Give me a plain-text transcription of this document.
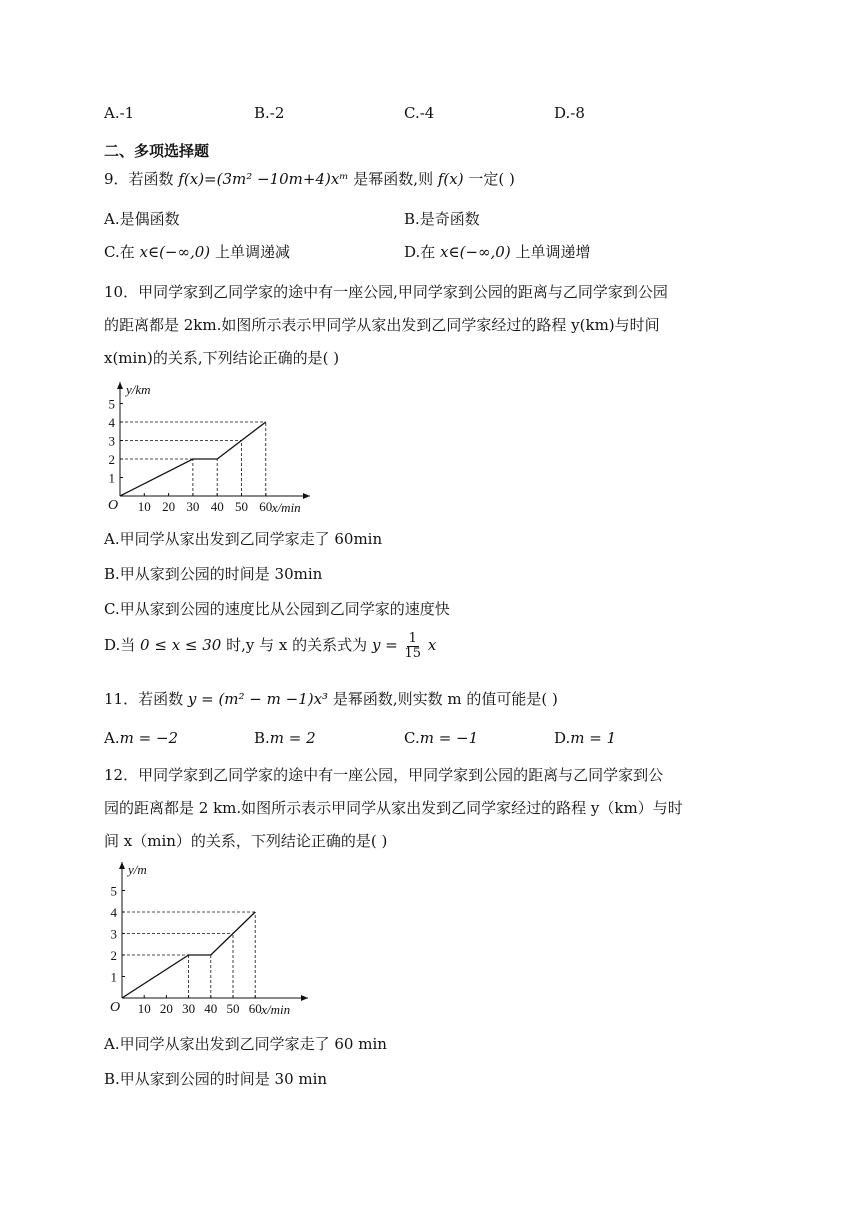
A.-1	B.-2	C.-4	D.-8
二、多项选择题
9．若函数 f(x)=(3m² −10m+4)xᵐ 是幂函数,则 f(x) 一定( )
A.是偶函数	B.是奇函数
C.在 x∈(−∞,0) 上单调递减	D.在 x∈(−∞,0) 上单调递增
10．甲同学家到乙同学家的途中有一座公园,甲同学家到公园的距离与乙同学家到公园
的距离都是 2km.如图所示表示甲同学从家出发到乙同学家经过的路程 y(km)与时间
x(min)的关系,下列结论正确的是( )
10 20 30 40 50 60
1
2
3
4
5
O	x/min
y/km
A.甲同学从家出发到乙同学家走了 60min
B.甲从家到公园的时间是 30min
C.甲从家到公园的速度比从公园到乙同学家的速度快
D.当 0 ≤ x ≤ 30 时,y 与 x 的关系式为 $y = \frac{1}{15}$ x
11．若函数 y = (m² − m −1)x³ 是幂函数,则实数 m 的值可能是( )
A.m = −2	B.m = 2	C.m = −1	D.m = 1
12．甲同学家到乙同学家的途中有一座公园，甲同学家到公园的距离与乙同学家到公
园的距离都是 2 km.如图所示表示甲同学从家出发到乙同学家经过的路程 y（km）与时
间 x（min）的关系，下列结论正确的是( )
10 20 30 40 50 60
1
2
3
4
5
O	x/min
y/m
A.甲同学从家出发到乙同学家走了 60 min
B.甲从家到公园的时间是 30 min
